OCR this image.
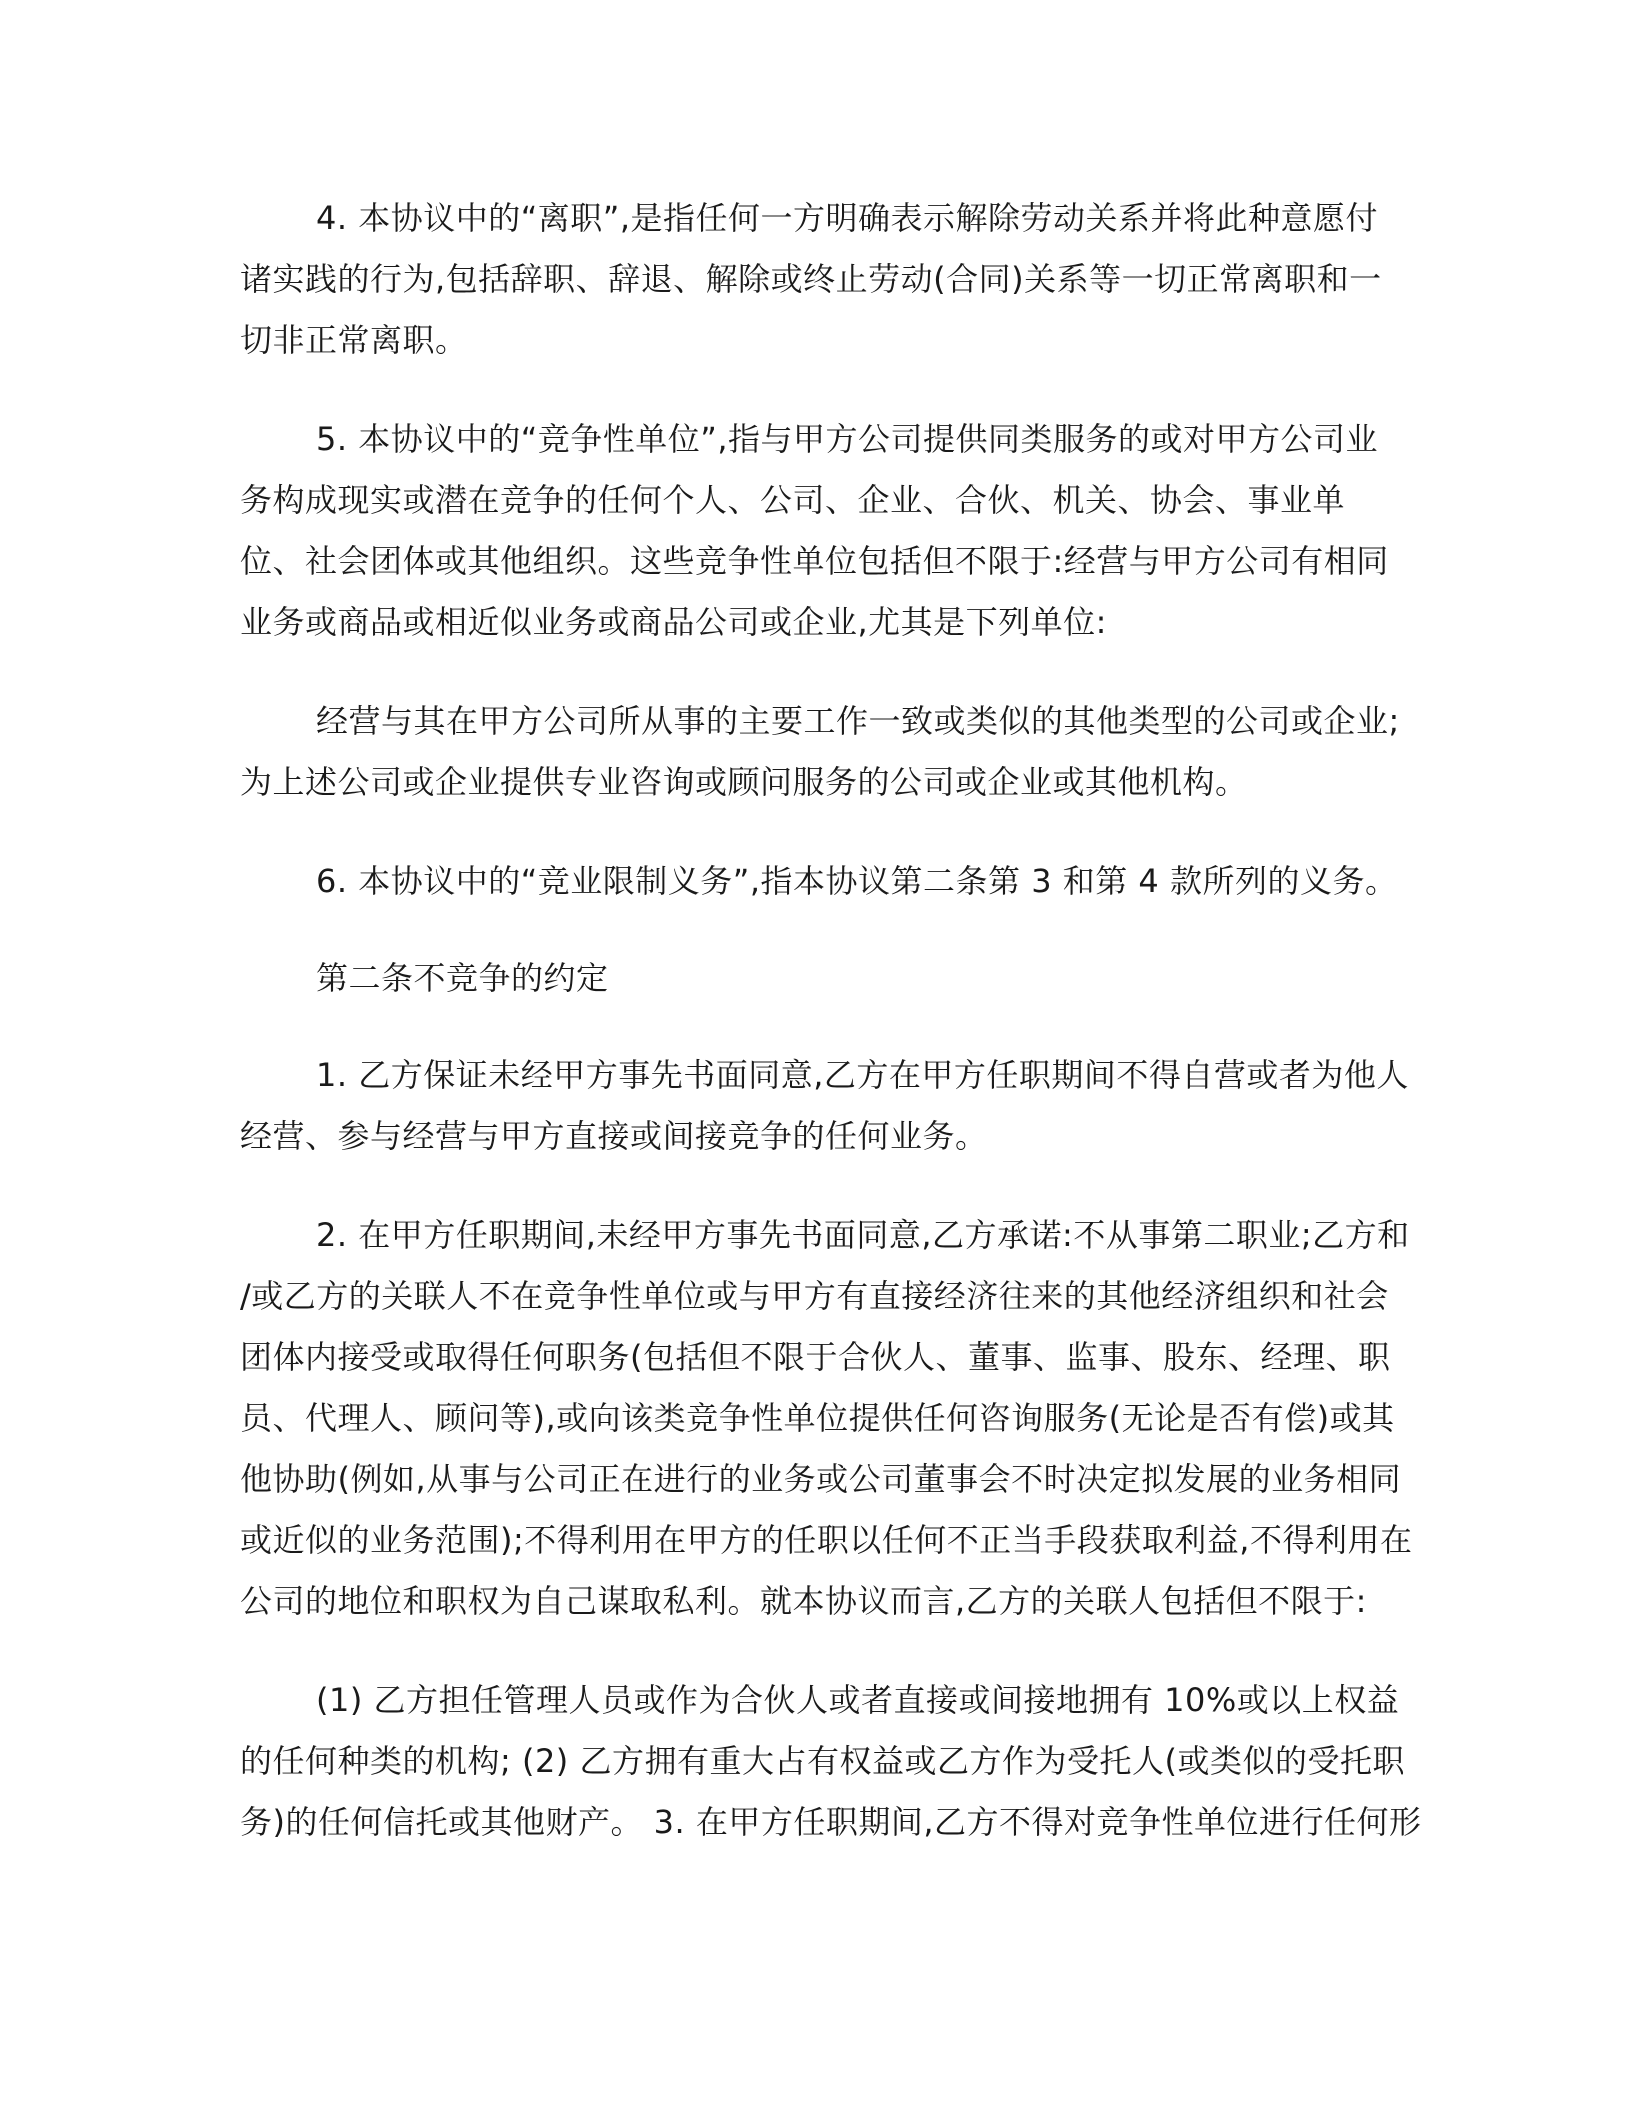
4. 本协议中的“离职”,是指任何一方明确表示解除劳动关系并将此种意愿付
诸实践的行为,包括辞职、辞退、解除或终止劳动(合同)关系等一切正常离职和一
切非正常离职。

5. 本协议中的“竞争性单位”,指与甲方公司提供同类服务的或对甲方公司业
务构成现实或潜在竞争的任何个人、公司、企业、合伙、机关、协会、事业单
位、社会团体或其他组织。这些竞争性单位包括但不限于:经营与甲方公司有相同
业务或商品或相近似业务或商品公司或企业,尤其是下列单位:

经营与其在甲方公司所从事的主要工作一致或类似的其他类型的公司或企业;
为上述公司或企业提供专业咨询或顾问服务的公司或企业或其他机构。

6. 本协议中的“竞业限制义务”,指本协议第二条第 3 和第 4 款所列的义务。

第二条不竞争的约定

1. 乙方保证未经甲方事先书面同意,乙方在甲方任职期间不得自营或者为他人
经营、参与经营与甲方直接或间接竞争的任何业务。

2. 在甲方任职期间,未经甲方事先书面同意,乙方承诺:不从事第二职业;乙方和
/或乙方的关联人不在竞争性单位或与甲方有直接经济往来的其他经济组织和社会
团体内接受或取得任何职务(包括但不限于合伙人、董事、监事、股东、经理、职
员、代理人、顾问等),或向该类竞争性单位提供任何咨询服务(无论是否有偿)或其
他协助(例如,从事与公司正在进行的业务或公司董事会不时决定拟发展的业务相同
或近似的业务范围);不得利用在甲方的任职以任何不正当手段获取利益,不得利用在
公司的地位和职权为自己谋取私利。就本协议而言,乙方的关联人包括但不限于:

(1) 乙方担任管理人员或作为合伙人或者直接或间接地拥有 10%或以上权益
的任何种类的机构; (2) 乙方拥有重大占有权益或乙方作为受托人(或类似的受托职
务)的任何信托或其他财产。 3. 在甲方任职期间,乙方不得对竞争性单位进行任何形
